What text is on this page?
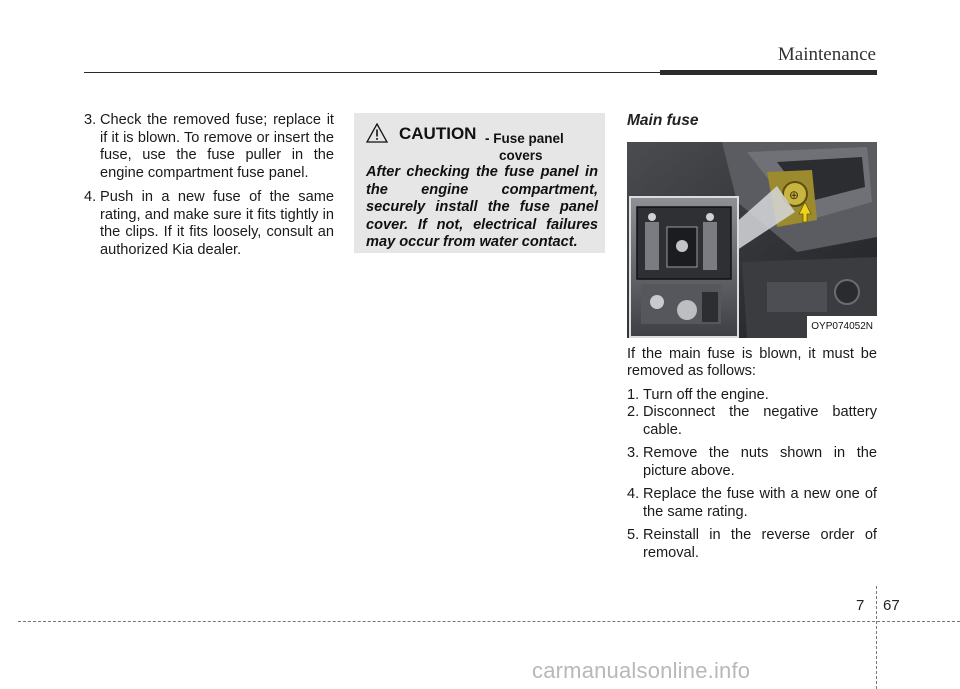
Maintenance
3. Check the removed fuse; replace it if it is blown. To remove or insert the fuse, use the fuse puller in the engine compartment fuse panel.
4. Push in a new fuse of the same rating, and make sure it fits tightly in the clips. If it fits loosely, consult an authorized Kia dealer.
CAUTION - Fuse panel
covers
After checking the fuse panel in the engine compartment, securely install the fuse panel cover. If not, electrical failures may occur from water contact.
Main fuse
⊕
OYP074052N
If the main fuse is blown, it must be removed as follows:
1. Turn off the engine.
2. Disconnect the negative battery cable.
3. Remove the nuts shown in the picture above.
4. Replace the fuse with a new one of the same rating.
5. Reinstall in the reverse order of removal.
7 67
carmanualsonline.info
